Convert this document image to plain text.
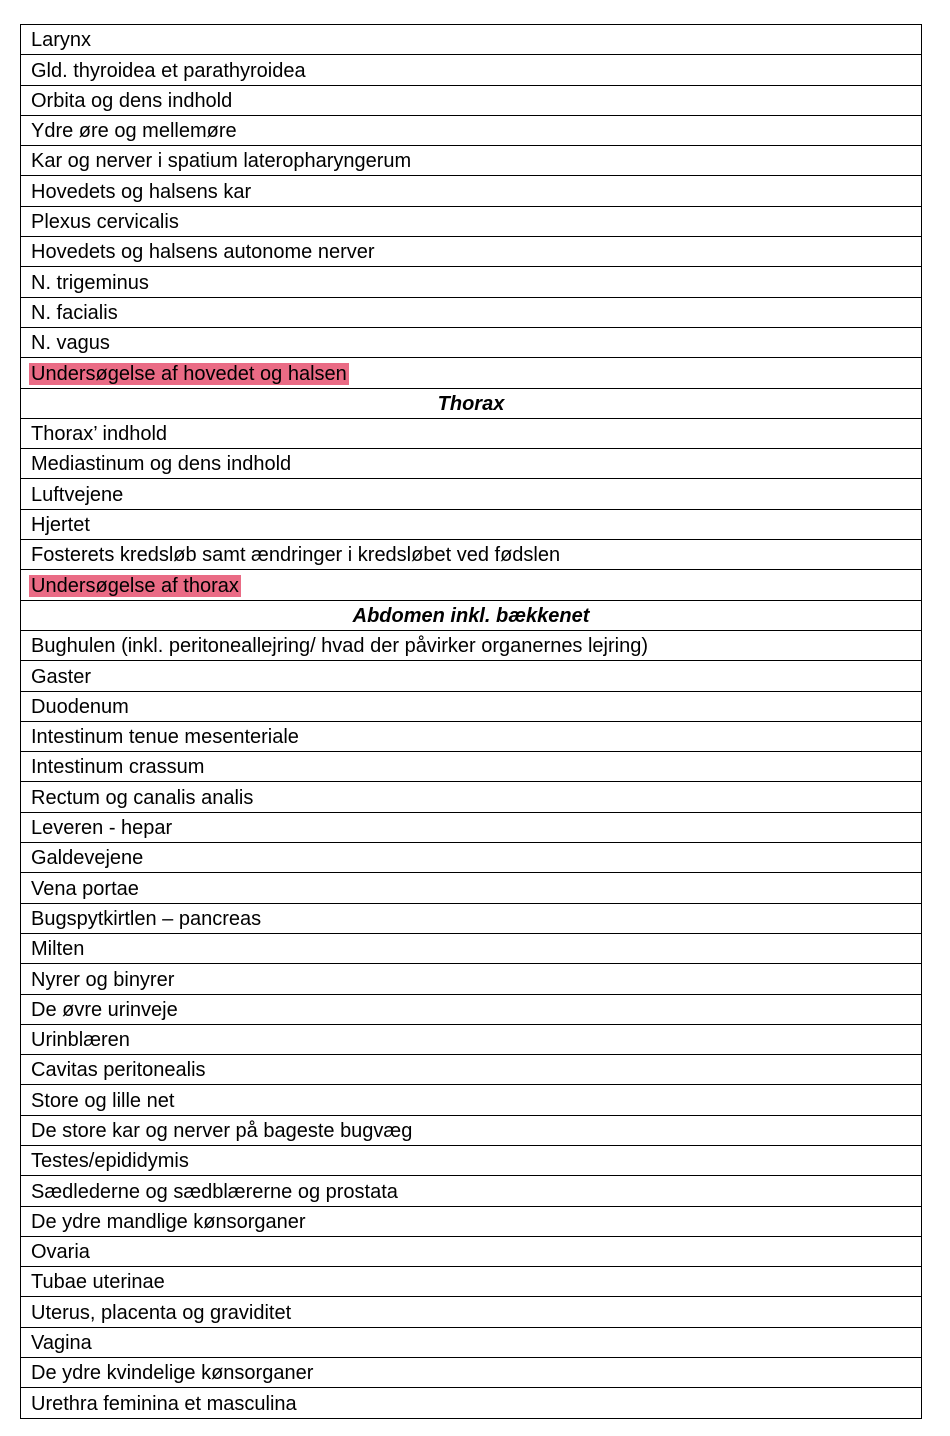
Larynx
Gld. thyroidea et parathyroidea
Orbita og dens indhold
Ydre øre og mellemøre
Kar og nerver i spatium lateropharyngerum
Hovedets og halsens kar
Plexus cervicalis
Hovedets og halsens autonome nerver
N. trigeminus
N. facialis
N. vagus
Undersøgelse af hovedet og halsen
Thorax
Thorax’ indhold
Mediastinum og dens indhold
Luftvejene
Hjertet
Fosterets kredsløb samt ændringer i kredsløbet ved fødslen
Undersøgelse af thorax
Abdomen inkl. bækkenet
Bughulen (inkl. peritoneallejring/ hvad der påvirker organernes lejring)
Gaster
Duodenum
Intestinum tenue mesenteriale
Intestinum crassum
Rectum og canalis analis
Leveren - hepar
Galdevejene
Vena portae
Bugspytkirtlen – pancreas
Milten
Nyrer og binyrer
De øvre urinveje
Urinblæren
Cavitas peritonealis
Store og lille net
De store kar og nerver på bageste bugvæg
Testes/epididymis
Sædlederne og sædblærerne og prostata
De ydre mandlige kønsorganer
Ovaria
Tubae uterinae
Uterus, placenta og graviditet
Vagina
De ydre kvindelige kønsorganer
Urethra feminina et masculina
